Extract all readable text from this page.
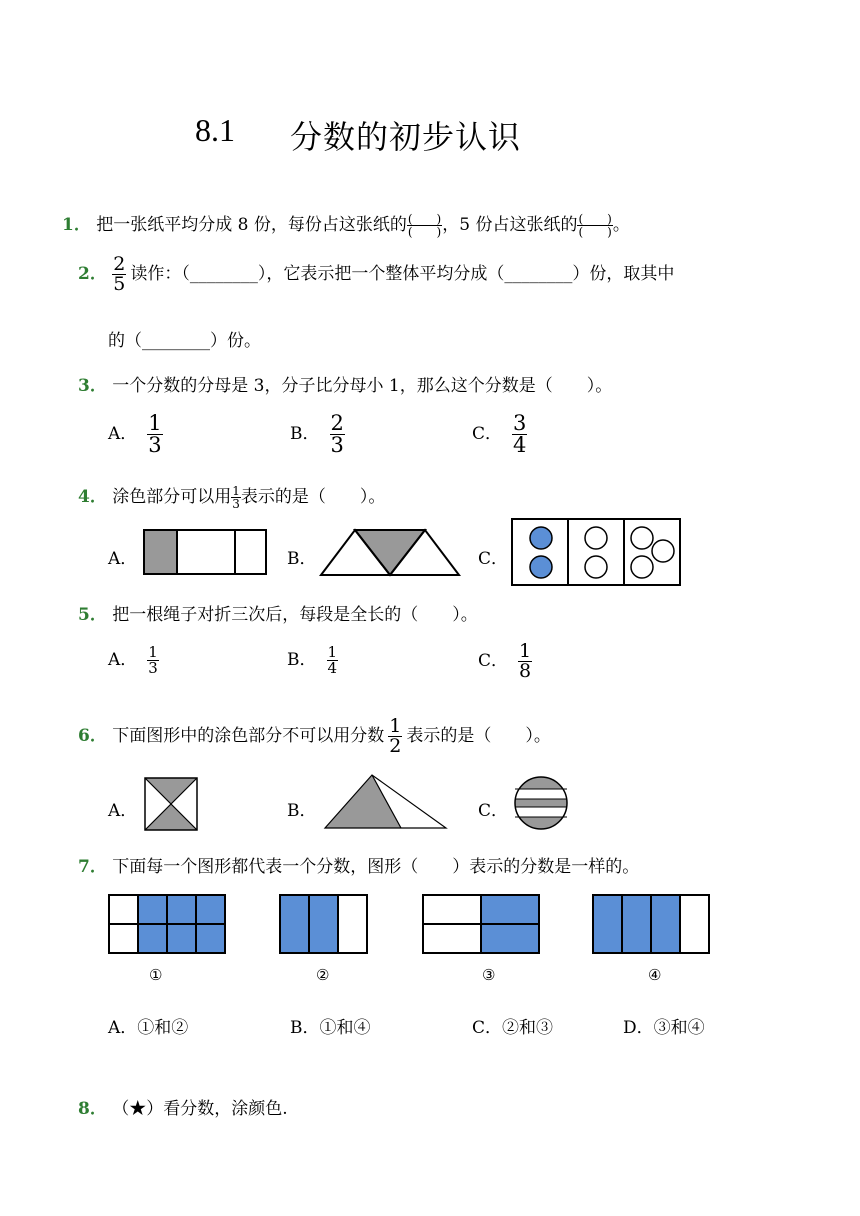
8.1 分数的初步认识
1． 把一张纸平均分成 8 份，每份占这张纸的 $\frac{( )}{( )}$ ，5 份占这张纸的 $\frac{( )}{( )}$ 。
2． $\frac{2}{5}$ 读作：（________），它表示把一个整体平均分成（________）份，取其中
的（________）份。
3． 一个分数的分母是 3，分子比分母小 1，那么这个分数是（　　）。
A． $\frac{1}{3}$	B． $\frac{2}{3}$	C． $\frac{3}{4}$
4． 涂色部分可以用 $\frac{1}{3}$ 表示的是（　　）。
A．	B．	C．
5． 把一根绳子对折三次后，每段是全长的（　　）。
A． $\frac{1}{3}$	B． $\frac{1}{4}$	C． $\frac{1}{8}$
6． 下面图形中的涂色部分不可以用分数 $\frac{1}{2}$ 表示的是（　　）。
A．	B．	C．
7． 下面每一个图形都代表一个分数，图形（　　）表示的分数是一样的。
①	②	③	④
A．①和②	B．①和④	C．②和③	D．③和④
8． （★）看分数，涂颜色.
